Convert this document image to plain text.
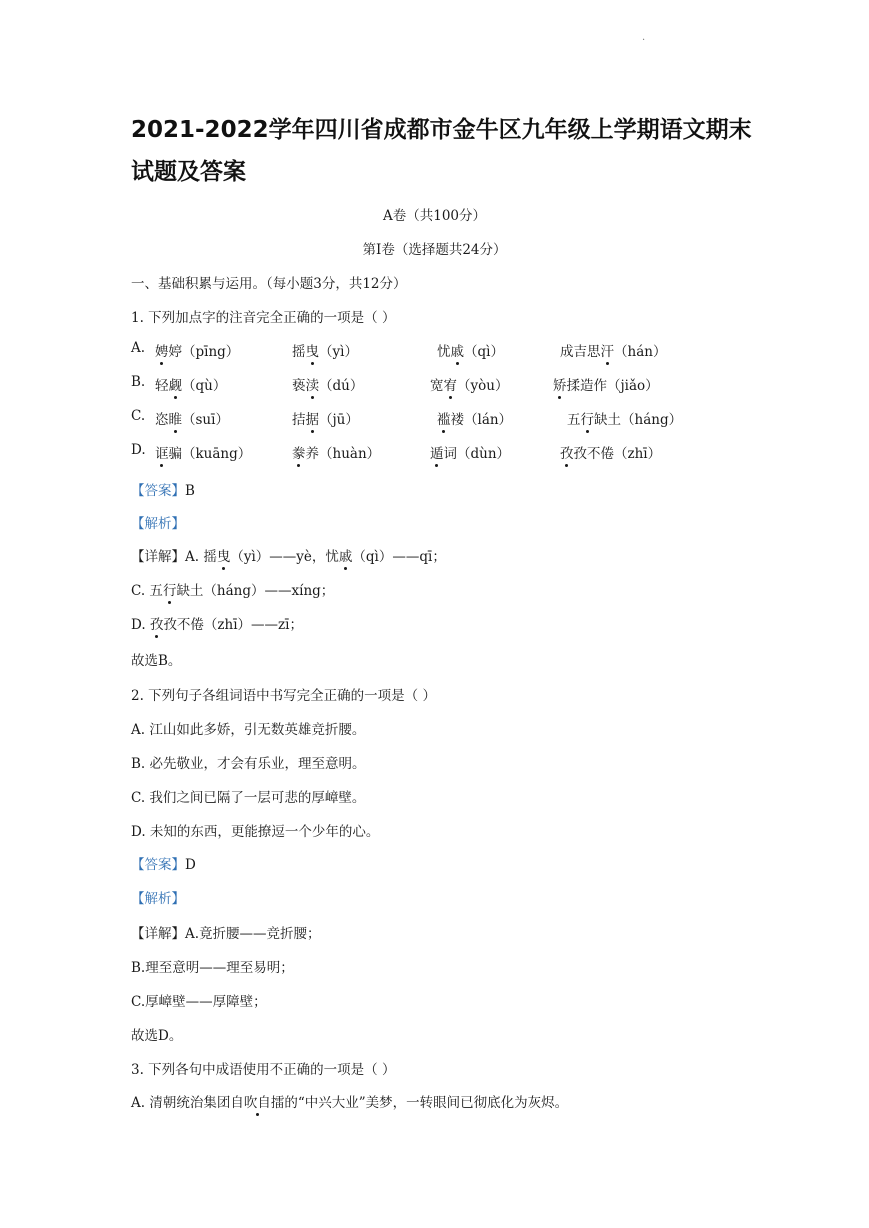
.
2021-2022学年四川省成都市金牛区九年级上学期语文期末
试题及答案
A卷（共100分）
第Ⅰ卷（选择题共24分）
一、基础积累与运用。（每小题3分，共12分）
1. 下列加点字的注音完全正确的一项是（ ）
A. 娉婷（pīng）	摇曳（yì）	忧戚（qì）	成吉思汗（hán）
B. 轻觑（qù）	亵渎（dú）	宽宥（yòu）	矫揉造作（jiǎo）
C. 恣睢（suī）	拮据（jū）	褴褛（lán）	五行缺土（háng）
D. 诓骗（kuāng）	豢养（huàn）	遁词（dùn）	孜孜不倦（zhī）
【答案】B
【解析】
【详解】A. 摇曳（yì）——yè，忧戚（qì）——qī；
C. 五行缺土（háng）——xíng；
D. 孜孜不倦（zhī）——zī；
故选B。
2. 下列句子各组词语中书写完全正确的一项是（ ）
A. 江山如此多娇，引无数英雄竞折腰。
B. 必先敬业，才会有乐业，理至意明。
C. 我们之间已隔了一层可悲的厚嶂壁。
D. 未知的东西，更能撩逗一个少年的心。
【答案】D
【解析】
【详解】A.竟折腰——竞折腰；
B.理至意明——理至易明；
C.厚嶂壁——厚障壁；
故选D。
3. 下列各句中成语使用不正确的一项是（ ）
A. 清朝统治集团自吹自擂的“中兴大业”美梦，一转眼间已彻底化为灰烬。
